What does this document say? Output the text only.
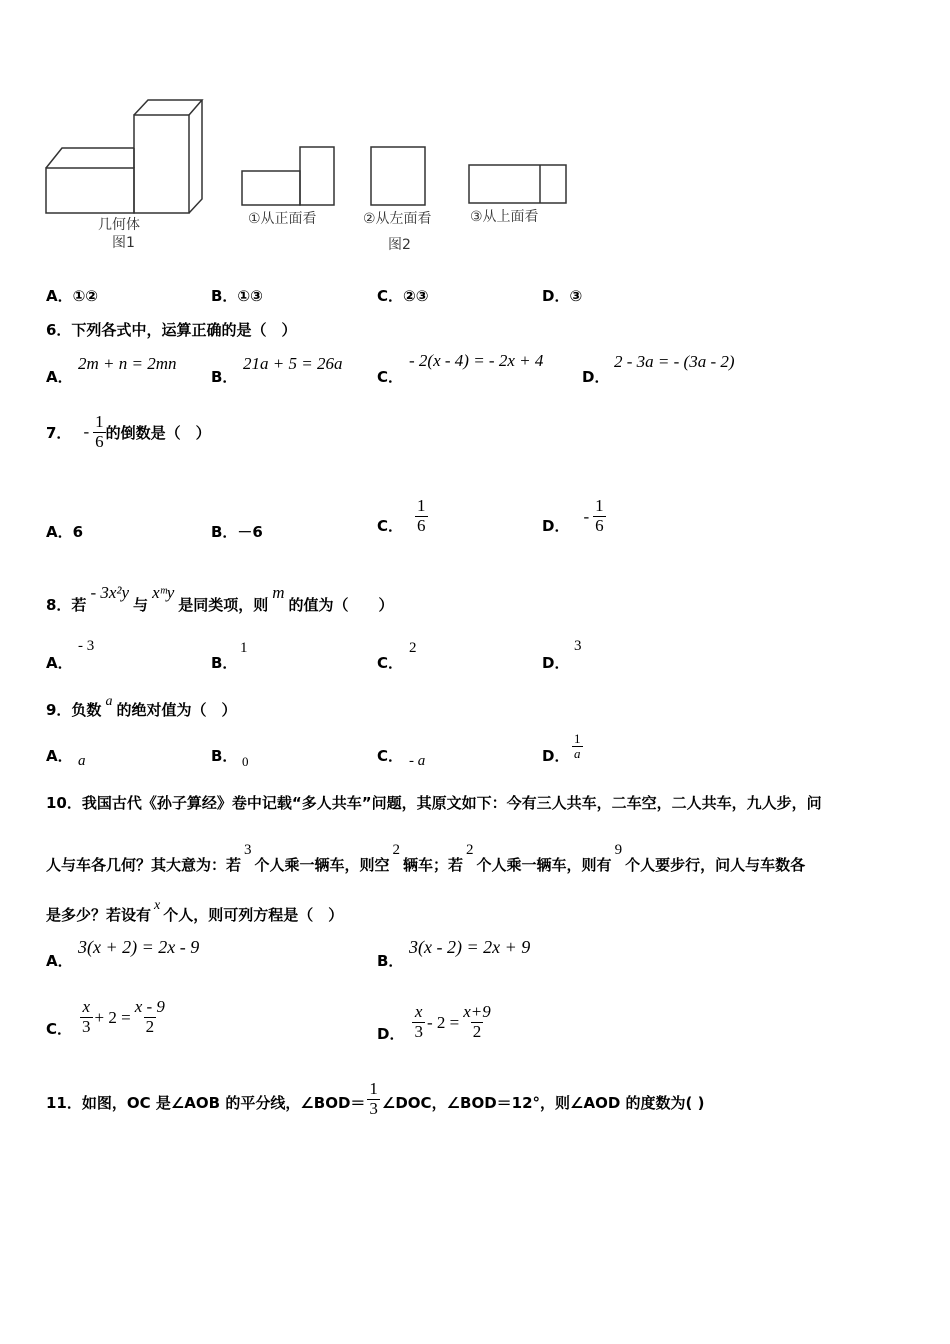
几何体
图1
①从正面看	②从左面看	③从上面看
图2
A．①②	B．①③	C．②③	D．③
6．下列各式中，运算正确的是（　）
A．
2m + n = 2mn
B．
21a + 5 = 26a
C．
- 2(x - 4) = - 2x + 4
D．
2 - 3a = - (3a - 2)
7． - $\frac{1}{6}$ 的倒数是（　）
A．6	B．－6	C． $\frac{1}{6}$	D．
- $\frac{1}{6}$
8．若
- 3x²y
与
xᵐy
是同类项，则
m
的值为（　　）
A．
- 3
B．
1
C．
2
D．
3
9．负数 a 的绝对值为（　）
A． a	B． 0	C． - a	D． $\frac{1}{a}$
10．我国古代《孙子算经》卷中记载“多人共车”问题，其原文如下：今有三人共车，二车空，二人共车，九人步，问
人与车各几何？其大意为：若
3
个人乘一辆车，则空
2
辆车；若
2
个人乘一辆车，则有
9
个人要步行，问人与车数各
是多少？若设有
x
个人，则可列方程是（　）
A．
3(x + 2) = 2x - 9
B．
3(x - 2) = 2x + 9
C． $\frac{x}{3} + 2 = \frac{x - 9}{2}$	D． $\frac{x}{3} - 2 = \frac{x+9}{2}$
11．如图，OC 是∠AOB 的平分线，∠BOD＝ $\frac{1}{3}$ ∠DOC，∠BOD＝12°，则∠AOD 的度数为( )
